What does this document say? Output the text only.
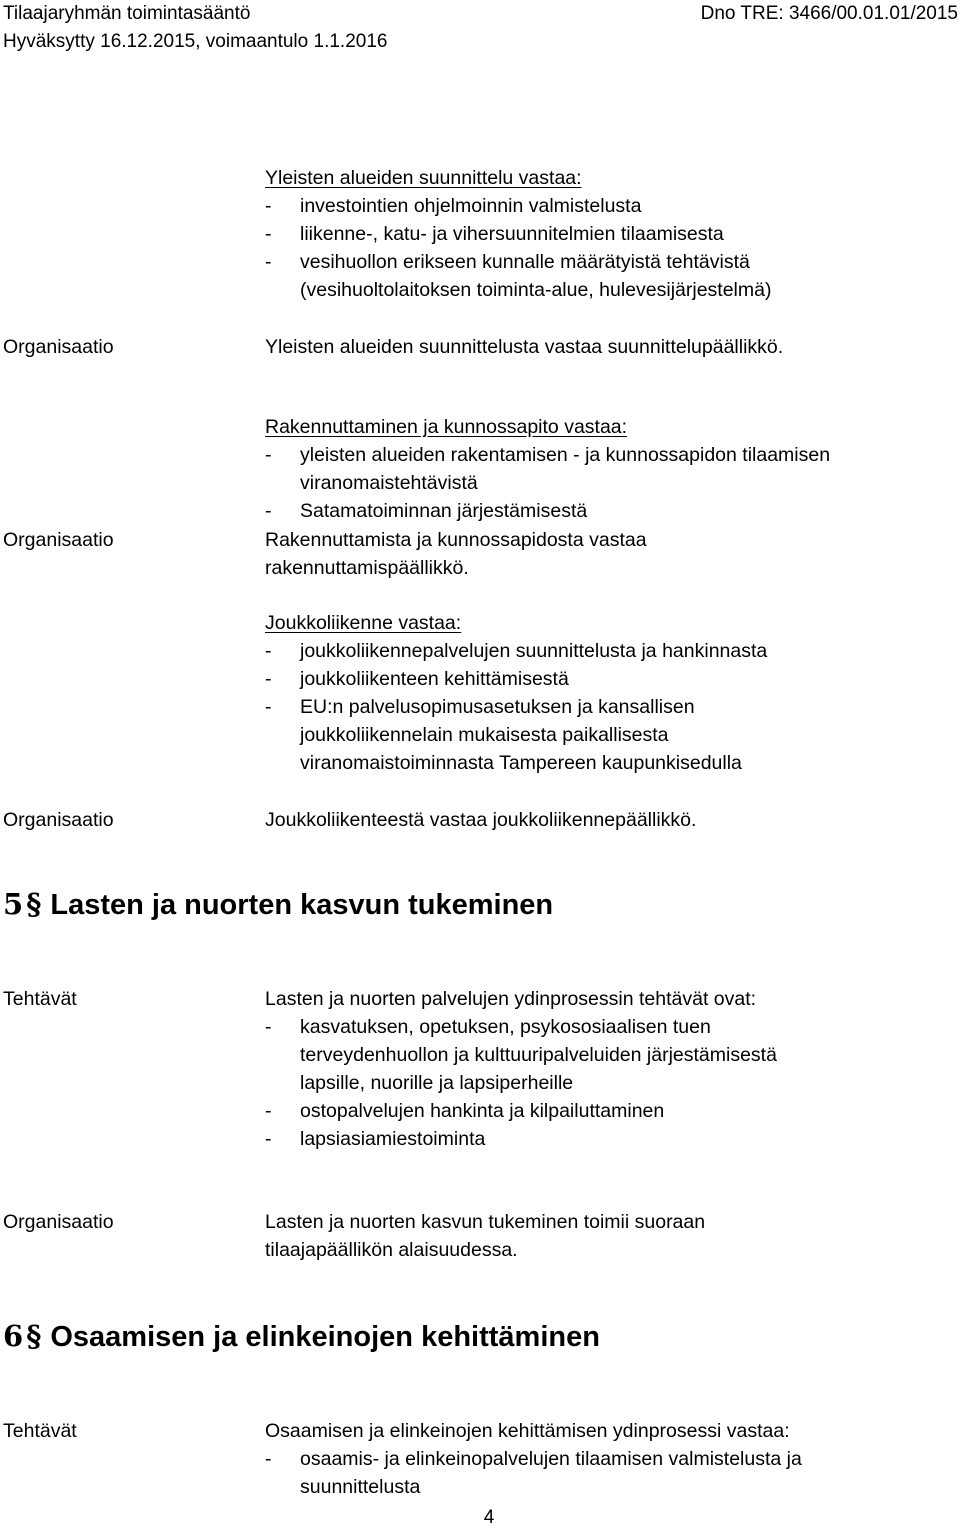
Tilaajaryhmän toimintasääntö
Hyväksytty 16.12.2015, voimaantulo 1.1.2016
Dno TRE: 3466/00.01.01/2015
Yleisten alueiden suunnittelu vastaa:
- investointien ohjelmoinnin valmistelusta
- liikenne-, katu- ja vihersuunnitelmien tilaamisesta
- vesihuollon erikseen kunnalle määrätyistä tehtävistä
(vesihuoltolaitoksen toiminta-alue, hulevesijärjestelmä)
Organisaatio	Yleisten alueiden suunnittelusta vastaa suunnittelupäällikkö.
Rakennuttaminen ja kunnossapito vastaa:
- yleisten alueiden rakentamisen - ja kunnossapidon tilaamisen
viranomaistehtävistä
- Satamatoiminnan järjestämisestä
Organisaatio	Rakennuttamista ja kunnossapidosta vastaa
rakennuttamispäällikkö.
Joukkoliikenne vastaa:
- joukkoliikennepalvelujen suunnittelusta ja hankinnasta
- joukkoliikenteen kehittämisestä
- EU:n palvelusopimusasetuksen ja kansallisen
joukkoliikennelain mukaisesta paikallisesta
viranomaistoiminnasta Tampereen kaupunkisedulla
Organisaatio	Joukkoliikenteestä vastaa joukkoliikennepäällikkö.
5 § Lasten ja nuorten kasvun tukeminen
Tehtävät	Lasten ja nuorten palvelujen ydinprosessin tehtävät ovat:
- kasvatuksen, opetuksen, psykososiaalisen tuen
terveydenhuollon ja kulttuuripalveluiden järjestämisestä
lapsille, nuorille ja lapsiperheille
- ostopalvelujen hankinta ja kilpailuttaminen
- lapsiasiamiestoiminta
Organisaatio	Lasten ja nuorten kasvun tukeminen toimii suoraan
tilaajapäällikön alaisuudessa.
6 § Osaamisen ja elinkeinojen kehittäminen
Tehtävät	Osaamisen ja elinkeinojen kehittämisen ydinprosessi vastaa:
- osaamis- ja elinkeinopalvelujen tilaamisen valmistelusta ja
suunnittelusta
4
